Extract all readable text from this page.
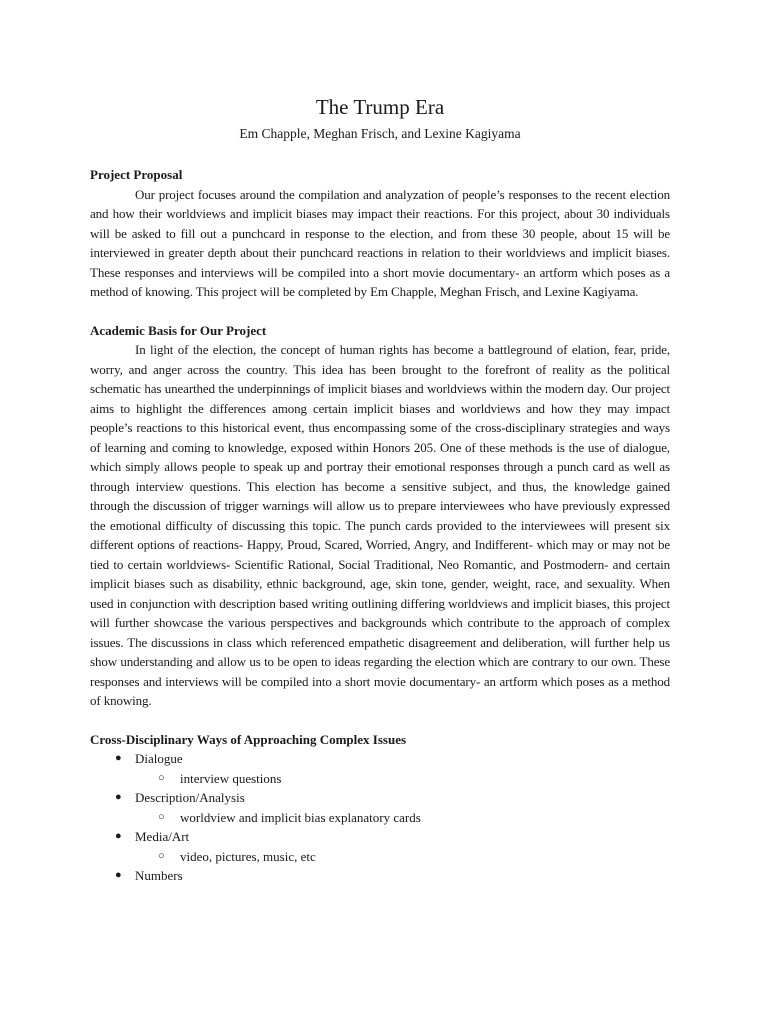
The Trump Era

Em Chapple, Meghan Frisch, and Lexine Kagiyama

Project Proposal

Our project focuses around the compilation and analyzation of people’s responses to the recent election and how their worldviews and implicit biases may impact their reactions. For this project, about 30 individuals will be asked to fill out a punchcard in response to the election, and from these 30 people, about 15 will be interviewed in greater depth about their punchcard reactions in relation to their worldviews and implicit biases. These responses and interviews will be compiled into a short movie documentary- an artform which poses as a method of knowing. This project will be completed by Em Chapple, Meghan Frisch, and Lexine Kagiyama.

Academic Basis for Our Project

In light of the election, the concept of human rights has become a battleground of elation, fear, pride, worry, and anger across the country. This idea has been brought to the forefront of reality as the political schematic has unearthed the underpinnings of implicit biases and worldviews within the modern day. Our project aims to highlight the differences among certain implicit biases and worldviews and how they may impact people’s reactions to this historical event, thus encompassing some of the cross-disciplinary strategies and ways of learning and coming to knowledge, exposed within Honors 205. One of these methods is the use of dialogue, which simply allows people to speak up and portray their emotional responses through a punch card as well as through interview questions. This election has become a sensitive subject, and thus, the knowledge gained through the discussion of trigger warnings will allow us to prepare interviewees who have previously expressed the emotional difficulty of discussing this topic. The punch cards provided to the interviewees will present six different options of reactions- Happy, Proud, Scared, Worried, Angry, and Indifferent- which may or may not be tied to certain worldviews- Scientific Rational, Social Traditional, Neo Romantic, and Postmodern- and certain implicit biases such as disability, ethnic background, age, skin tone, gender, weight, race, and sexuality. When used in conjunction with description based writing outlining differing worldviews and implicit biases, this project will further showcase the various perspectives and backgrounds which contribute to the approach of complex issues. The discussions in class which referenced empathetic disagreement and deliberation, will further help us show understanding and allow us to be open to ideas regarding the election which are contrary to our own. These responses and interviews will be compiled into a short movie documentary- an artform which poses as a method of knowing.

Cross-Disciplinary Ways of Approaching Complex Issues
● Dialogue
○ interview questions
● Description/Analysis
○ worldview and implicit bias explanatory cards
● Media/Art
○ video, pictures, music, etc
● Numbers
